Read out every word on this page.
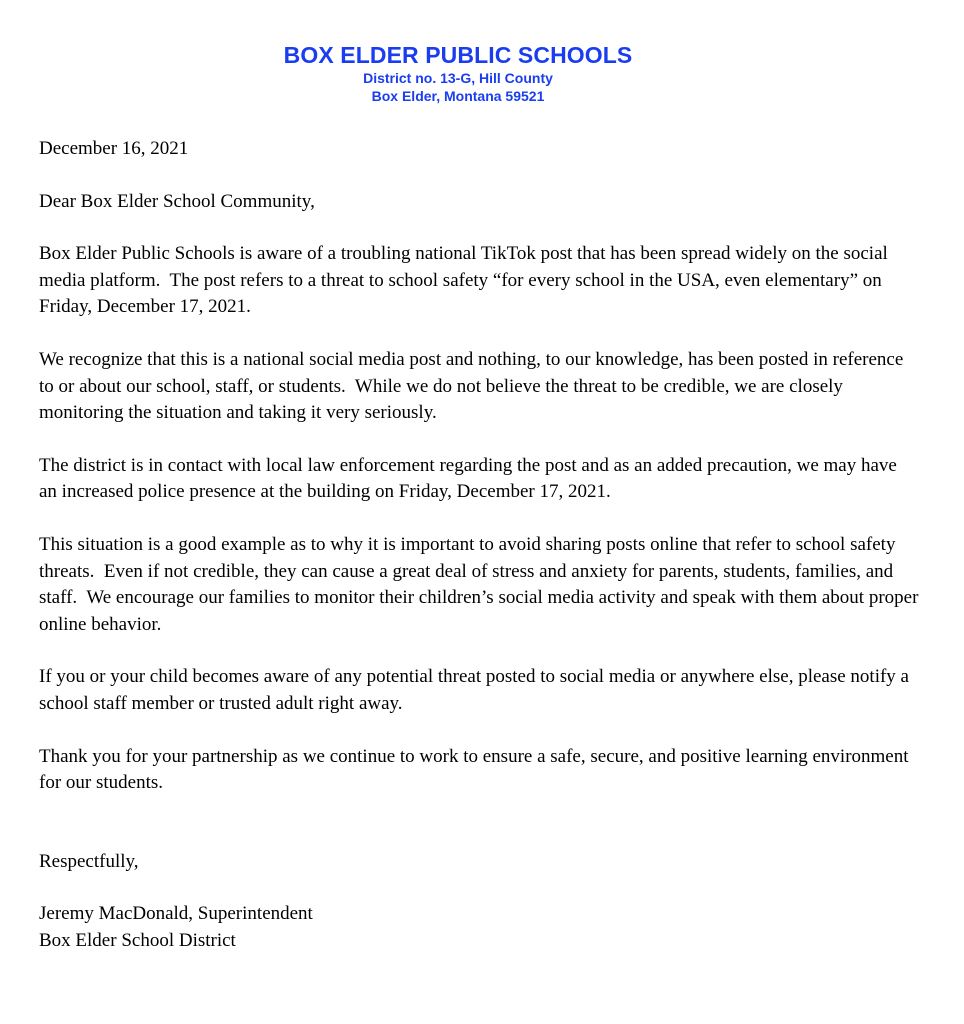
BOX ELDER PUBLIC SCHOOLS
District no. 13-G, Hill County
Box Elder, Montana 59521

December 16, 2021

Dear Box Elder School Community,

Box Elder Public Schools is aware of a troubling national TikTok post that has been spread widely on the social media platform.  The post refers to a threat to school safety “for every school in the USA, even elementary” on Friday, December 17, 2021.

We recognize that this is a national social media post and nothing, to our knowledge, has been posted in reference to or about our school, staff, or students.  While we do not believe the threat to be credible, we are closely monitoring the situation and taking it very seriously.

The district is in contact with local law enforcement regarding the post and as an added precaution, we may have an increased police presence at the building on Friday, December 17, 2021.

This situation is a good example as to why it is important to avoid sharing posts online that refer to school safety threats.  Even if not credible, they can cause a great deal of stress and anxiety for parents, students, families, and staff.  We encourage our families to monitor their children’s social media activity and speak with them about proper online behavior.

If you or your child becomes aware of any potential threat posted to social media or anywhere else, please notify a school staff member or trusted adult right away.

Thank you for your partnership as we continue to work to ensure a safe, secure, and positive learning environment for our students.

Respectfully,

Jeremy MacDonald, Superintendent

Box Elder School District
